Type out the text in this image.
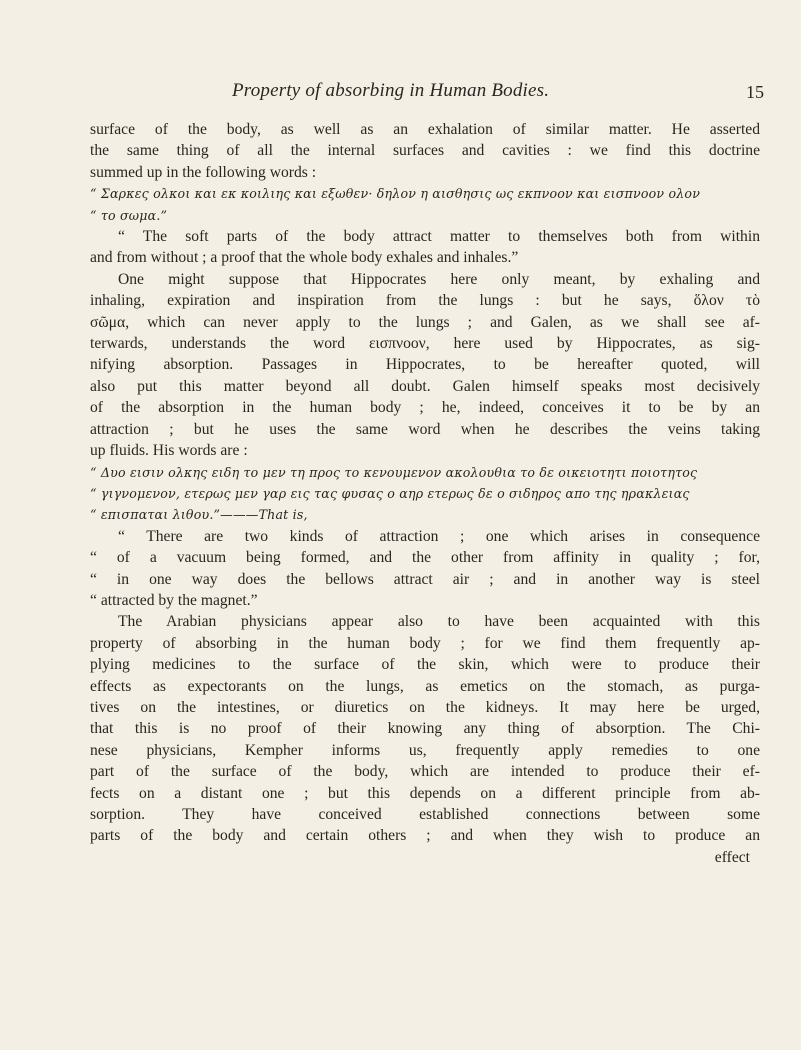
Property of absorbing in Human Bodies.	15
surface of the body, as well as an exhalation of similar matter. He asserted
the same thing of all the internal surfaces and cavities : we find this doctrine
summed up in the following words :
“ Σαρκες ολκοι και εκ κοιλιης και εξωθεν· δηλον η αισθησις ως εκπνοον και εισπνοον ολον
“ το σωμα.”
“ The soft parts of the body attract matter to themselves both from within
and from without ; a proof that the whole body exhales and inhales.”
One might suppose that Hippocrates here only meant, by exhaling and
inhaling, expiration and inspiration from the lungs : but he says, ὅλον τὸ
σῶμα, which can never apply to the lungs ; and Galen, as we shall see af-
terwards, understands the word εισπνοον, here used by Hippocrates, as sig-
nifying absorption. Passages in Hippocrates, to be hereafter quoted, will
also put this matter beyond all doubt. Galen himself speaks most decisively
of the absorption in the human body ; he, indeed, conceives it to be by an
attraction ; but he uses the same word when he describes the veins taking
up fluids. His words are :
“ Δυο εισιν ολκης ειδη το μεν τη προς το κενουμενον ακολουθια το δε οικειοτητι ποιοτητος
“ γιγνομενον, ετερως μεν γαρ εις τας φυσας ο αηρ ετερως δε ο σιδηρος απο της ηρακλειας
“ επισπαται λιθου.”———That is,
“ There are two kinds of attraction ; one which arises in consequence
“ of a vacuum being formed, and the other from affinity in quality ; for,
“ in one way does the bellows attract air ; and in another way is steel
“ attracted by the magnet.”
The Arabian physicians appear also to have been acquainted with this
property of absorbing in the human body ; for we find them frequently ap-
plying medicines to the surface of the skin, which were to produce their
effects as expectorants on the lungs, as emetics on the stomach, as purga-
tives on the intestines, or diuretics on the kidneys. It may here be urged,
that this is no proof of their knowing any thing of absorption. The Chi-
nese physicians, Kempher informs us, frequently apply remedies to one
part of the surface of the body, which are intended to produce their ef-
fects on a distant one ; but this depends on a different principle from ab-
sorption. They have conceived established connections between some
parts of the body and certain others ; and when they wish to produce an
effect
